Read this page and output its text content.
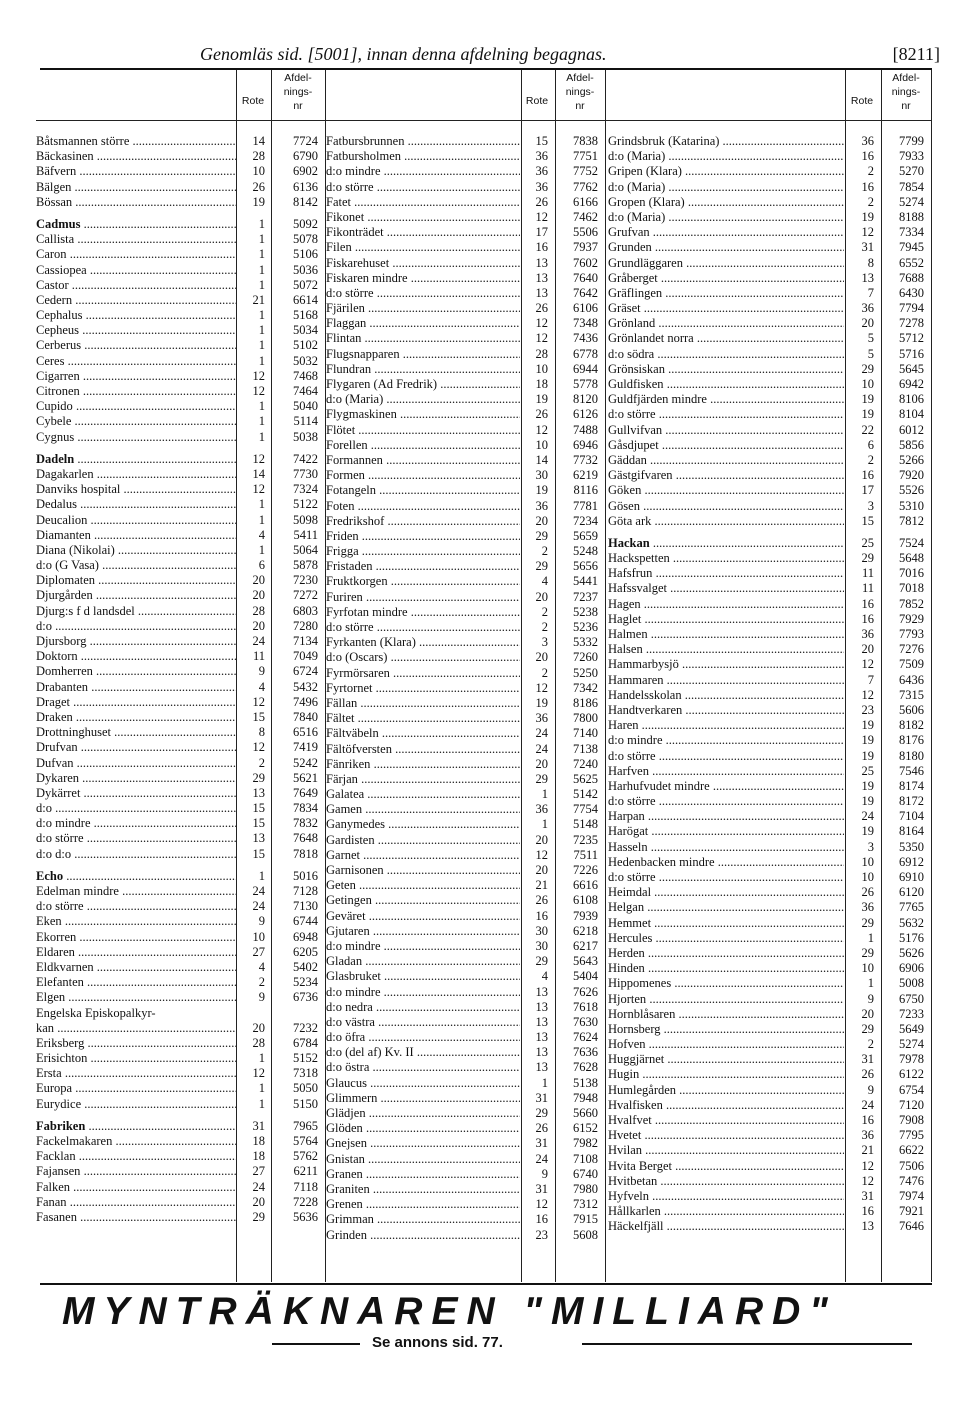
Genomläs sid. [5001], innan denna afdelning begagnas.	[8211]
Rote
Afdel-
nings-
nr
Båtsmannen större .....	14	7724
Bäckasinen .....	28	6790
Bäfvern .....	10	6902
Bälgen .....	26	6136
Bössan .....	19	8142
Cadmus .....	1	5092
Callista .....	1	5078
Caron .....	1	5106
Cassiopea .....	1	5036
Castor .....	1	5072
Cedern .....	21	6614
Cephalus .....	1	5168
Cepheus .....	1	5034
Cerberus .....	1	5102
Ceres .....	1	5032
Cigarren .....	12	7468
Citronen .....	12	7464
Cupido .....	1	5040
Cybele .....	1	5114
Cygnus .....	1	5038
Dadeln .....	12	7422
Dagakarlen .....	14	7730
Danviks hospital .....	12	7324
Dedalus .....	1	5122
Deucalion .....	1	5098
Diamanten .....	4	5411
Diana (Nikolai) .....	1	5064
d:o (G Vasa) .....	6	5878
Diplomaten .....	20	7230
Djurgården .....	20	7272
Djurg:s f d landsdel .....	28	6803
d:o .....	20	7280
Djursborg .....	24	7134
Doktorn .....	11	7049
Domherren .....	9	6724
Drabanten .....	4	5432
Draget .....	12	7496
Draken .....	15	7840
Drottninghuset .....	8	6516
Drufvan .....	12	7419
Dufvan .....	2	5242
Dykaren .....	29	5621
Dykärret .....	13	7649
d:o .....	15	7834
d:o mindre .....	15	7832
d:o större .....	13	7648
d:o d:o .....	15	7818
Echo .....	1	5016
Edelman mindre .....	24	7128
d:o större .....	24	7130
Eken .....	9	6744
Ekorren .....	10	6948
Eldaren .....	27	6205
Eldkvarnen .....	4	5402
Elefanten .....	2	5234
Elgen .....	9	6736
Engelska Episkopalkyr-
kan .....	20	7232
Eriksberg .....	28	6784
Erisichton .....	1	5152
Ersta .....	12	7318
Europa .....	1	5050
Eurydice .....	1	5150
Fabriken .....	31	7965
Fackelmakaren .....	18	5764
Facklan .....	18	5762
Fajansen .....	27	6211
Falken .....	24	7118
Fanan .....	20	7228
Fasanen .....	29	5636
Rote
Afdel-
nings-
nr
Fatbursbrunnen .....	15	7838
Fatbursholmen .....	36	7751
d:o mindre .....	36	7752
d:o större .....	36	7762
Fatet .....	26	6166
Fikonet .....	12	7462
Fikonträdet .....	17	5506
Filen .....	16	7937
Fiskarehuset .....	13	7602
Fiskaren mindre .....	13	7640
d:o större .....	13	7642
Fjärilen .....	26	6106
Flaggan .....	12	7348
Flintan .....	12	7436
Flugsnapparen .....	28	6778
Flundran .....	10	6944
Flygaren (Ad Fredrik) .....	18	5778
d:o (Maria) .....	19	8120
Flygmaskinen .....	26	6126
Flötet .....	12	7488
Forellen .....	10	6946
Formannen .....	14	7732
Formen .....	30	6219
Fotangeln .....	19	8116
Foten .....	36	7781
Fredrikshof .....	20	7234
Friden .....	29	5659
Frigga .....	2	5248
Fristaden .....	29	5656
Fruktkorgen .....	4	5441
Furiren .....	20	7237
Fyrfotan mindre .....	2	5238
d:o större .....	2	5236
Fyrkanten (Klara) .....	3	5332
d:o (Oscars) .....	20	7260
Fyrmörsaren .....	2	5250
Fyrtornet .....	12	7342
Fällan .....	19	8186
Fältet .....	36	7800
Fältväbeln .....	24	7140
Fältöfversten .....	24	7138
Fänriken .....	20	7240
Färjan .....	29	5625
Galatea .....	1	5142
Gamen .....	36	7754
Ganymedes .....	1	5148
Gardisten .....	20	7235
Garnet .....	12	7511
Garnisonen .....	20	7226
Geten .....	21	6616
Getingen .....	26	6108
Geväret .....	16	7939
Gjutaren .....	30	6218
d:o mindre .....	30	6217
Gladan .....	29	5643
Glasbruket .....	4	5404
d:o mindre .....	13	7626
d:o nedra .....	13	7618
d:o västra .....	13	7630
d:o öfra .....	13	7624
d:o (del af) Kv. II .....	13	7636
d:o östra .....	13	7628
Glaucus .....	1	5138
Glimmern .....	31	7948
Glädjen .....	29	5660
Glöden .....	26	6152
Gnejsen .....	31	7982
Gnistan .....	24	7108
Granen .....	9	6740
Graniten .....	31	7980
Grenen .....	12	7312
Grimman .....	16	7915
Grinden .....	23	5608
Rote
Afdel-
nings-
nr
Grindsbruk (Katarina) .....	36	7799
d:o (Maria) .....	16	7933
Gripen (Klara) .....	2	5270
d:o (Maria) .....	16	7854
Gropen (Klara) .....	2	5274
d:o (Maria) .....	19	8188
Grufvan .....	12	7334
Grunden .....	31	7945
Grundläggaren .....	8	6552
Gråberget .....	13	7688
Gräflingen .....	7	6430
Gräset .....	36	7794
Grönland .....	20	7278
Grönlandet norra .....	5	5712
d:o södra .....	5	5716
Grönsiskan .....	29	5645
Guldfisken .....	10	6942
Guldfjärden mindre .....	19	8106
d:o större .....	19	8104
Gullvifvan .....	22	6012
Gåsdjupet .....	6	5856
Gäddan .....	2	5266
Gästgifvaren .....	16	7920
Göken .....	17	5526
Gösen .....	3	5310
Göta ark .....	15	7812
Hackan .....	25	7524
Hackspetten .....	29	5648
Hafsfrun .....	11	7016
Hafssvalget .....	11	7018
Hagen .....	16	7852
Haglet .....	16	7929
Halmen .....	36	7793
Halsen .....	20	7276
Hammarbysjö .....	12	7509
Hammaren .....	7	6436
Handelsskolan .....	12	7315
Handtverkaren .....	23	5606
Haren .....	19	8182
d:o mindre .....	19	8176
d:o större .....	19	8180
Harfven .....	25	7546
Harhufvudet mindre .....	19	8174
d:o större .....	19	8172
Harpan .....	24	7104
Harögat .....	19	8164
Hasseln .....	3	5350
Hedenbacken mindre .....	10	6912
d:o större .....	10	6910
Heimdal .....	26	6120
Helgan .....	36	7765
Hemmet .....	29	5632
Hercules .....	1	5176
Herden .....	29	5626
Hinden .....	10	6906
Hippomenes .....	1	5008
Hjorten .....	9	6750
Hornblåsaren .....	20	7233
Hornsberg .....	29	5649
Hofven .....	2	5274
Huggjärnet .....	31	7978
Hugin .....	26	6122
Humlegården .....	9	6754
Hvalfisken .....	24	7120
Hvalfvet .....	16	7908
Hvetet .....	36	7795
Hvilan .....	21	6622
Hvita Berget .....	12	7506
Hvitbetan .....	12	7476
Hyfveln .....	31	7974
Hållkarlen .....	16	7921
Häckelfjäll .....	13	7646
MYNTRÄKNAREN "MILLIARD"
Se annons sid. 77.
